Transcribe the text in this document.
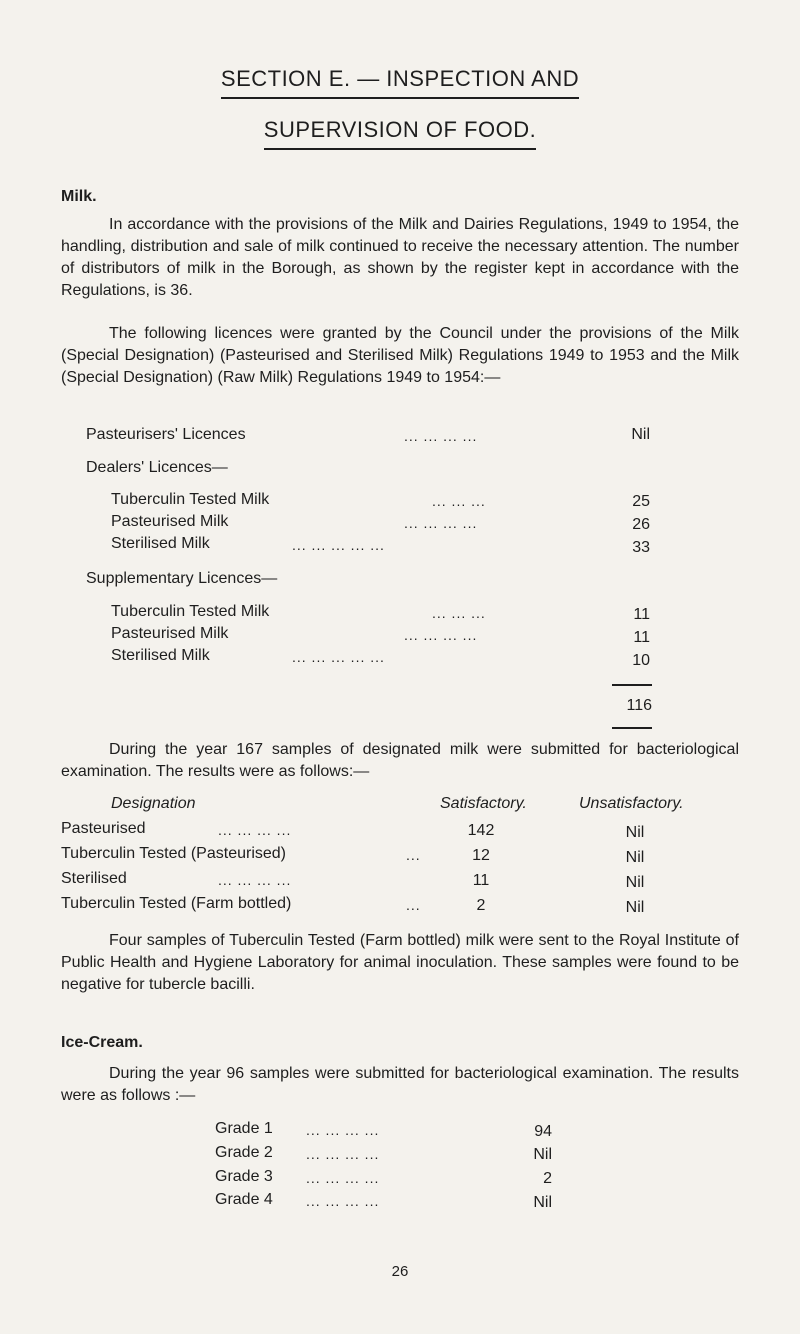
SECTION E. — INSPECTION AND
SUPERVISION OF FOOD.
Milk.

In accordance with the provisions of the Milk and Dairies Regulations, 1949 to 1954, the handling, distribution and sale of milk continued to receive the necessary attention. The number of distributors of milk in the Borough, as shown by the register kept in accordance with the Regulations, is 36.

The following licences were granted by the Council under the provisions of the Milk (Special Designation) (Pasteurised and Sterilised Milk) Regulations 1949 to 1953 and the Milk (Special Designation) (Raw Milk) Regulations 1949 to 1954:—

Pasteurisers' Licences	... ... ... ...	Nil
Dealers' Licences—
Tuberculin Tested Milk	... ... ...	25
Pasteurised Milk	... ... ... ...	26
Sterilised Milk	... ... ... ... ...	33
Supplementary Licences—
Tuberculin Tested Milk	... ... ...	11
Pasteurised Milk	... ... ... ...	11
Sterilised Milk	... ... ... ... ...	10
116

During the year 167 samples of designated milk were submitted for bacteriological examination. The results were as follows:—

Designation	Satisfactory.	Unsatisfactory.
Pasteurised	... ... ... ...	142	Nil
Tuberculin Tested (Pasteurised)	...	12	Nil
Sterilised	... ... ... ...	11	Nil
Tuberculin Tested (Farm bottled)	...	2	Nil

Four samples of Tuberculin Tested (Farm bottled) milk were sent to the Royal Institute of Public Health and Hygiene Laboratory for animal inoculation. These samples were found to be negative for tubercle bacilli.

Ice-Cream.

During the year 96 samples were submitted for bacteriological examination. The results were as follows :—

Grade 1 ... ... ... ...	94
Grade 2 ... ... ... ...	Nil
Grade 3 ... ... ... ...	2
Grade 4 ... ... ... ...	Nil
26
